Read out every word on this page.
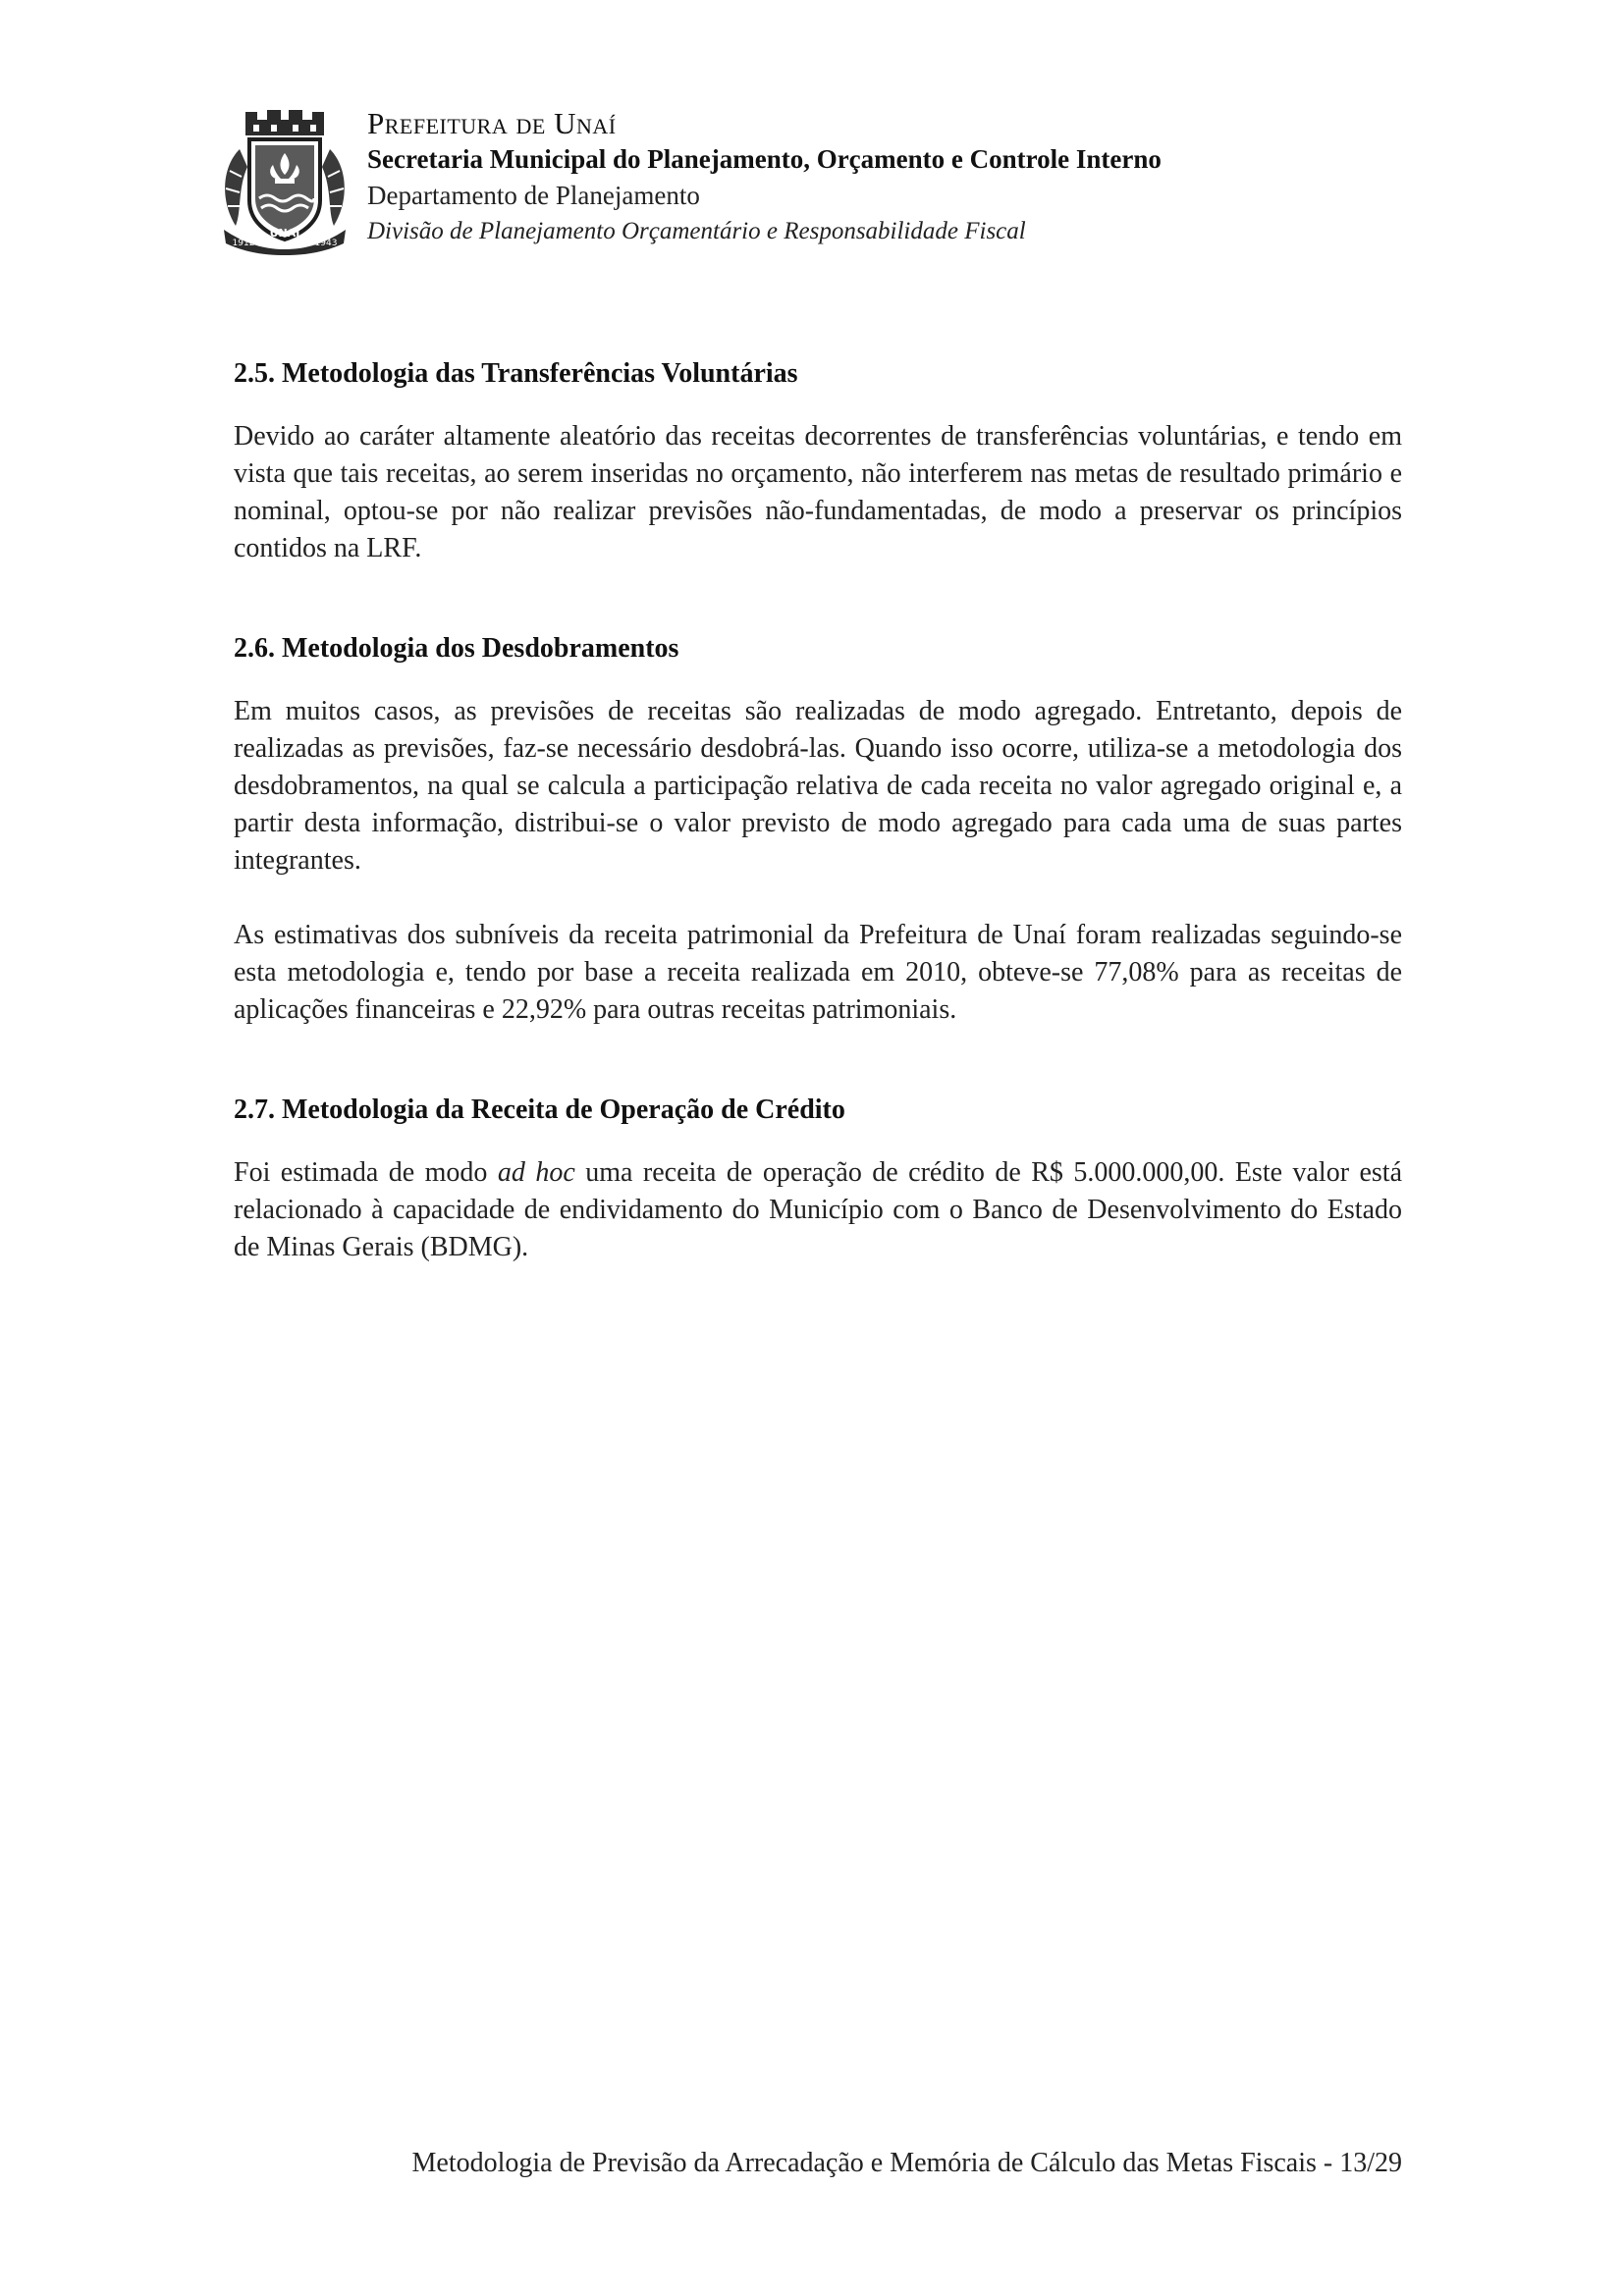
UNAÍ
1912	1943
Prefeitura de Unaí
Secretaria Municipal do Planejamento, Orçamento e Controle Interno
Departamento de Planejamento
Divisão de Planejamento Orçamentário e Responsabilidade Fiscal
2.5. Metodologia das Transferências Voluntárias

Devido ao caráter altamente aleatório das receitas decorrentes de transferências voluntárias, e tendo em vista que tais receitas, ao serem inseridas no orçamento, não interferem nas metas de resultado primário e nominal, optou-se por não realizar previsões não-fundamentadas, de modo a preservar os princípios contidos na LRF.

2.6. Metodologia dos Desdobramentos

Em muitos casos, as previsões de receitas são realizadas de modo agregado. Entretanto, depois de realizadas as previsões, faz-se necessário desdobrá-las. Quando isso ocorre, utiliza-se a metodologia dos desdobramentos, na qual se calcula a participação relativa de cada receita no valor agregado original e, a partir desta informação, distribui-se o valor previsto de modo agregado para cada uma de suas partes integrantes.

As estimativas dos subníveis da receita patrimonial da Prefeitura de Unaí foram realizadas seguindo-se esta metodologia e, tendo por base a receita realizada em 2010, obteve-se 77,08% para as receitas de aplicações financeiras e 22,92% para outras receitas patrimoniais.

2.7. Metodologia da Receita de Operação de Crédito

Foi estimada de modo ad hoc uma receita de operação de crédito de R$ 5.000.000,00. Este valor está relacionado à capacidade de endividamento do Município com o Banco de Desenvolvimento do Estado de Minas Gerais (BDMG).

Metodologia de Previsão da Arrecadação e Memória de Cálculo das Metas Fiscais - 13/29
